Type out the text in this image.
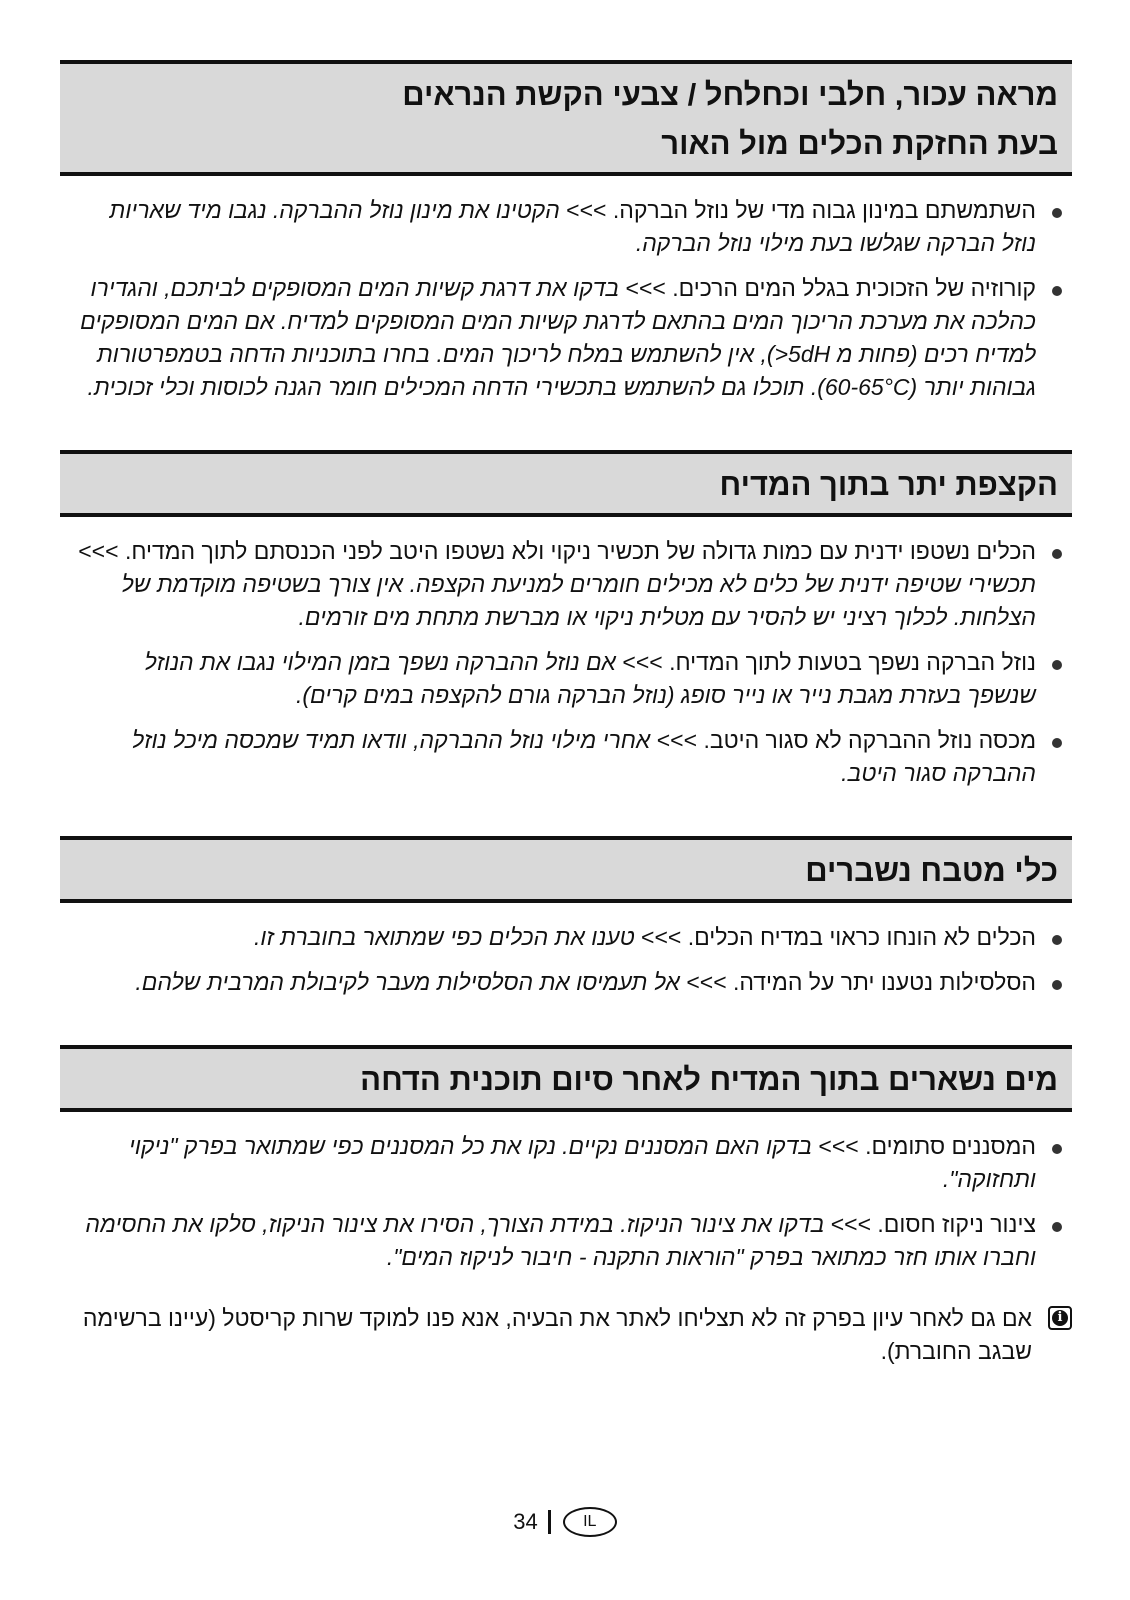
מראה עכור, חלבי וכחלחל / צבעי הקשת הנראים
בעת החזקת הכלים מול האור
השתמשתם במינון גבוה מדי של נוזל הברקה. >>> הקטינו את מינון נוזל ההברקה. נגבו מיד שאריות נוזל הברקה שגלשו בעת מילוי נוזל הברקה.
קורוזיה של הזכוכית בגלל המים הרכים. >>> בדקו את דרגת קשיות המים המסופקים לביתכם, והגדירו כהלכה את מערכת הריכוך המים בהתאם לדרגת קשיות המים המסופקים למדיח. אם המים המסופקים למדיח רכים (פחות מ 5dH<), אין להשתמש במלח לריכוך המים. בחרו בתוכניות הדחה בטמפרטורות גבוהות יותר (60-65°C). תוכלו גם להשתמש בתכשירי הדחה המכילים חומר הגנה לכוסות וכלי זכוכית.
הקצפת יתר בתוך המדיח
הכלים נשטפו ידנית עם כמות גדולה של תכשיר ניקוי ולא נשטפו היטב לפני הכנסתם לתוך המדיח. >>> תכשירי שטיפה ידנית של כלים לא מכילים חומרים למניעת הקצפה. אין צורך בשטיפה מוקדמת של הצלחות. לכלוך רציני יש להסיר עם מטלית ניקוי או מברשת מתחת מים זורמים.
נוזל הברקה נשפך בטעות לתוך המדיח. >>> אם נוזל ההברקה נשפך בזמן המילוי נגבו את הנוזל שנשפך בעזרת מגבת נייר או נייר סופג (נוזל הברקה גורם להקצפה במים קרים).
מכסה נוזל ההברקה לא סגור היטב. >>> אחרי מילוי נוזל ההברקה, וודאו תמיד שמכסה מיכל נוזל ההברקה סגור היטב.
כלי מטבח נשברים
הכלים לא הונחו כראוי במדיח הכלים. >>> טענו את הכלים כפי שמתואר בחוברת זו.
הסלסילות נטענו יתר על המידה. >>> אל תעמיסו את הסלסילות מעבר לקיבולת המרבית שלהם.
מים נשארים בתוך המדיח לאחר סיום תוכנית הדחה
המסננים סתומים. >>> בדקו האם המסננים נקיים. נקו את כל המסננים כפי שמתואר בפרק "ניקוי ותחזוקה".
צינור ניקוז חסום. >>> בדקו את צינור הניקוז. במידת הצורך, הסירו את צינור הניקוז, סלקו את החסימה וחברו אותו חזר כמתואר בפרק "הוראות התקנה - חיבור לניקוז המים".
i
אם גם לאחר עיון בפרק זה לא תצליחו לאתר את הבעיה, אנא פנו למוקד שרות קריסטל (עיינו ברשימה שבגב החוברת).
34	IL
